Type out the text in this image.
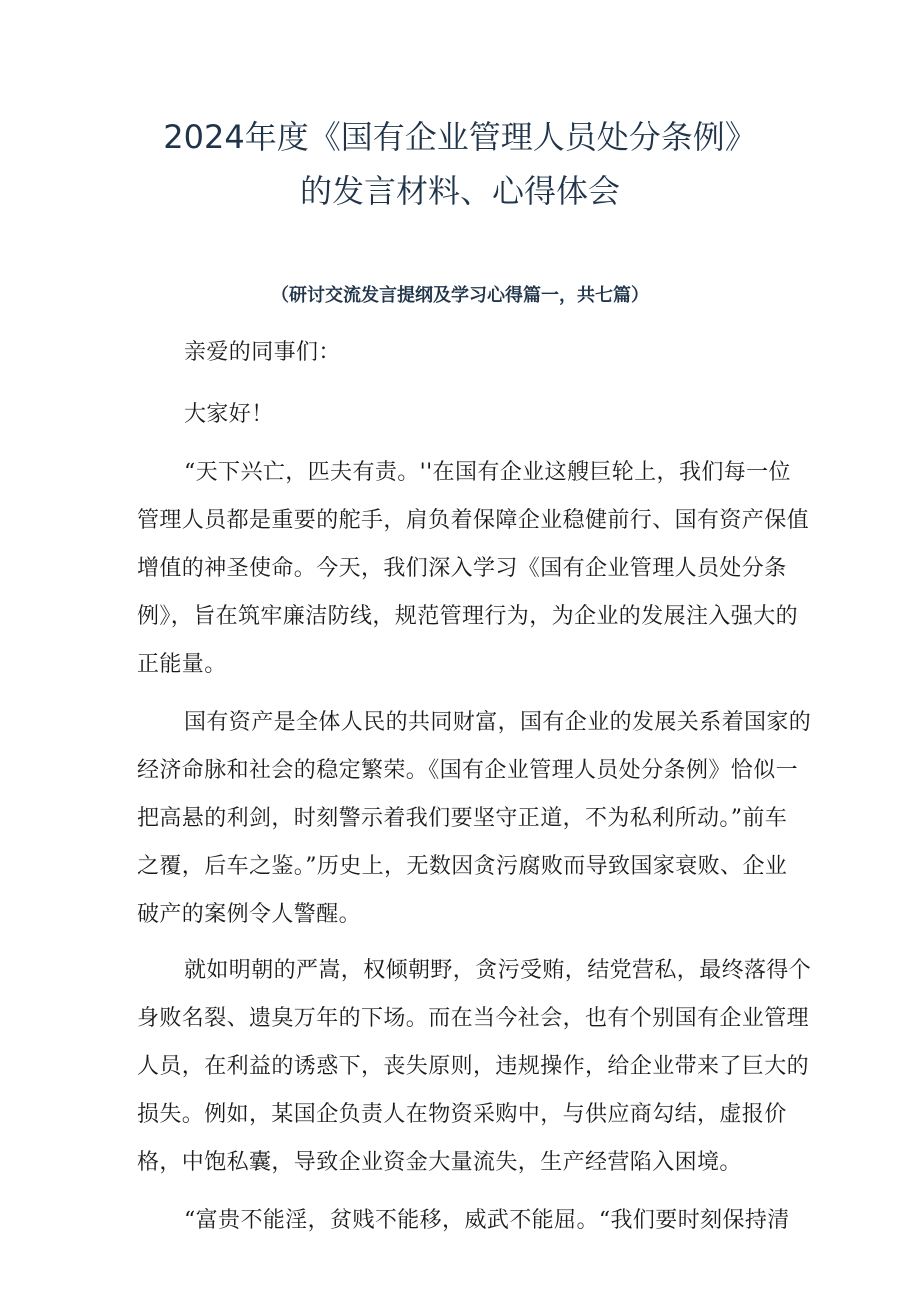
2024年度《国有企业管理人员处分条例》
的发言材料、心得体会
（研讨交流发言提纲及学习心得篇一，共七篇）
亲爱的同事们：
大家好！
“天下兴亡，匹夫有责。''在国有企业这艘巨轮上，我们每一位
管理人员都是重要的舵手，肩负着保障企业稳健前行、国有资产保值
增值的神圣使命。今天，我们深入学习《国有企业管理人员处分条
例》，旨在筑牢廉洁防线，规范管理行为，为企业的发展注入强大的
正能量。
国有资产是全体人民的共同财富，国有企业的发展关系着国家的
经济命脉和社会的稳定繁荣。《国有企业管理人员处分条例》恰似一
把高悬的利剑，时刻警示着我们要坚守正道，不为私利所动。”前车
之覆，后车之鉴。”历史上，无数因贪污腐败而导致国家衰败、企业
破产的案例令人警醒。
就如明朝的严嵩，权倾朝野，贪污受贿，结党营私，最终落得个
身败名裂、遗臭万年的下场。而在当今社会，也有个别国有企业管理
人员，在利益的诱惑下，丧失原则，违规操作，给企业带来了巨大的
损失。例如，某国企负责人在物资采购中，与供应商勾结，虚报价
格，中饱私囊，导致企业资金大量流失，生产经营陷入困境。
“富贵不能淫，贫贱不能移，威武不能屈。“我们要时刻保持清
